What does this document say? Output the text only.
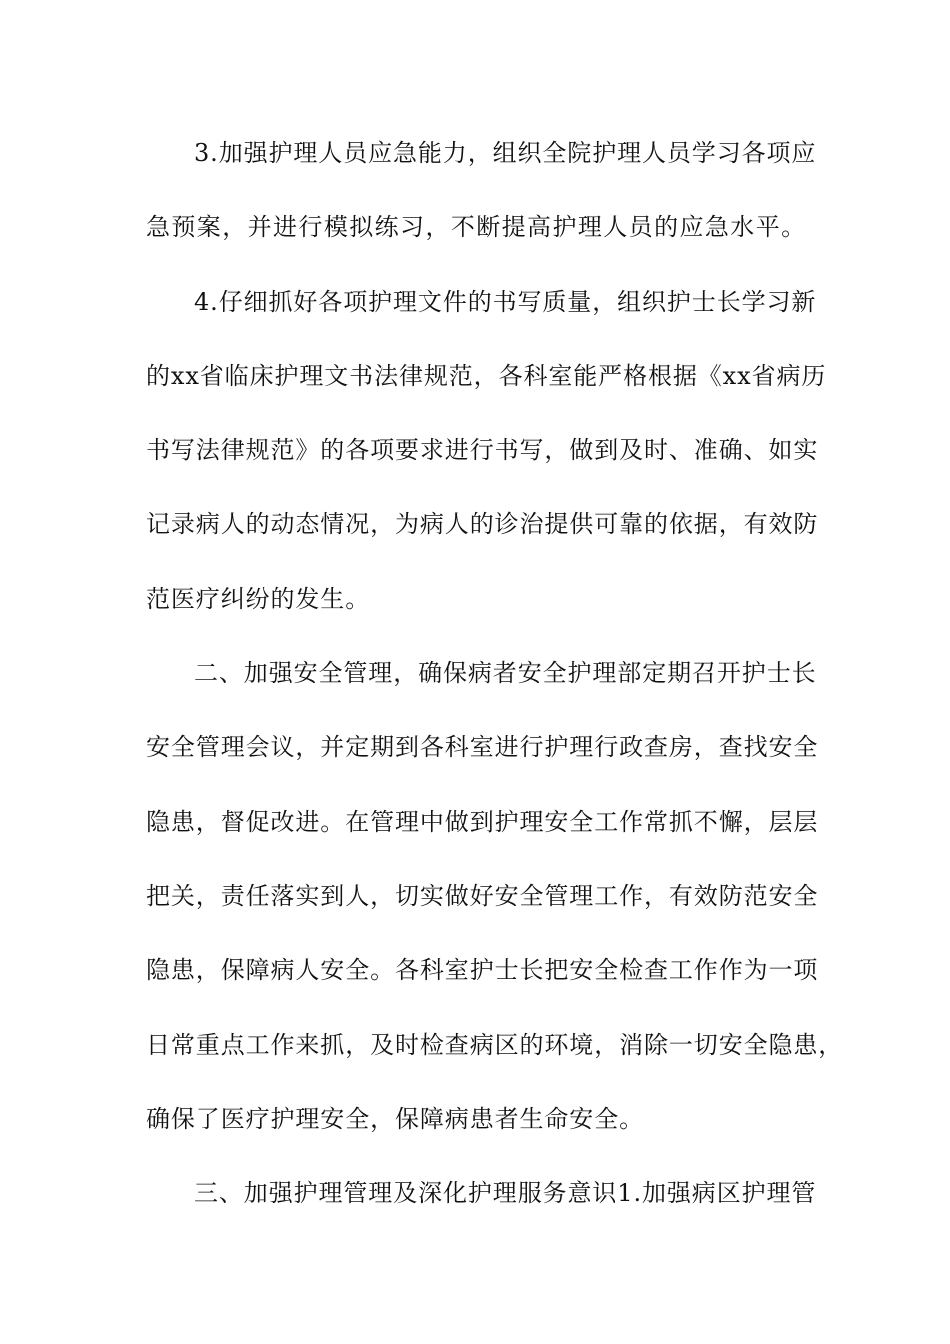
3.加强护理人员应急能力，组织全院护理人员学习各项应
急预案，并进行模拟练习，不断提高护理人员的应急水平。
4.仔细抓好各项护理文件的书写质量，组织护士长学习新
的xx省临床护理文书法律规范，各科室能严格根据《xx省病历
书写法律规范》的各项要求进行书写，做到及时、准确、如实
记录病人的动态情况，为病人的诊治提供可靠的依据，有效防
范医疗纠纷的发生。
二、加强安全管理，确保病者安全护理部定期召开护士长
安全管理会议，并定期到各科室进行护理行政查房，查找安全
隐患，督促改进。在管理中做到护理安全工作常抓不懈，层层
把关，责任落实到人，切实做好安全管理工作，有效防范安全
隐患，保障病人安全。各科室护士长把安全检查工作作为一项
日常重点工作来抓，及时检查病区的环境，消除一切安全隐患，
确保了医疗护理安全，保障病患者生命安全。
三、加强护理管理及深化护理服务意识1.加强病区护理管
